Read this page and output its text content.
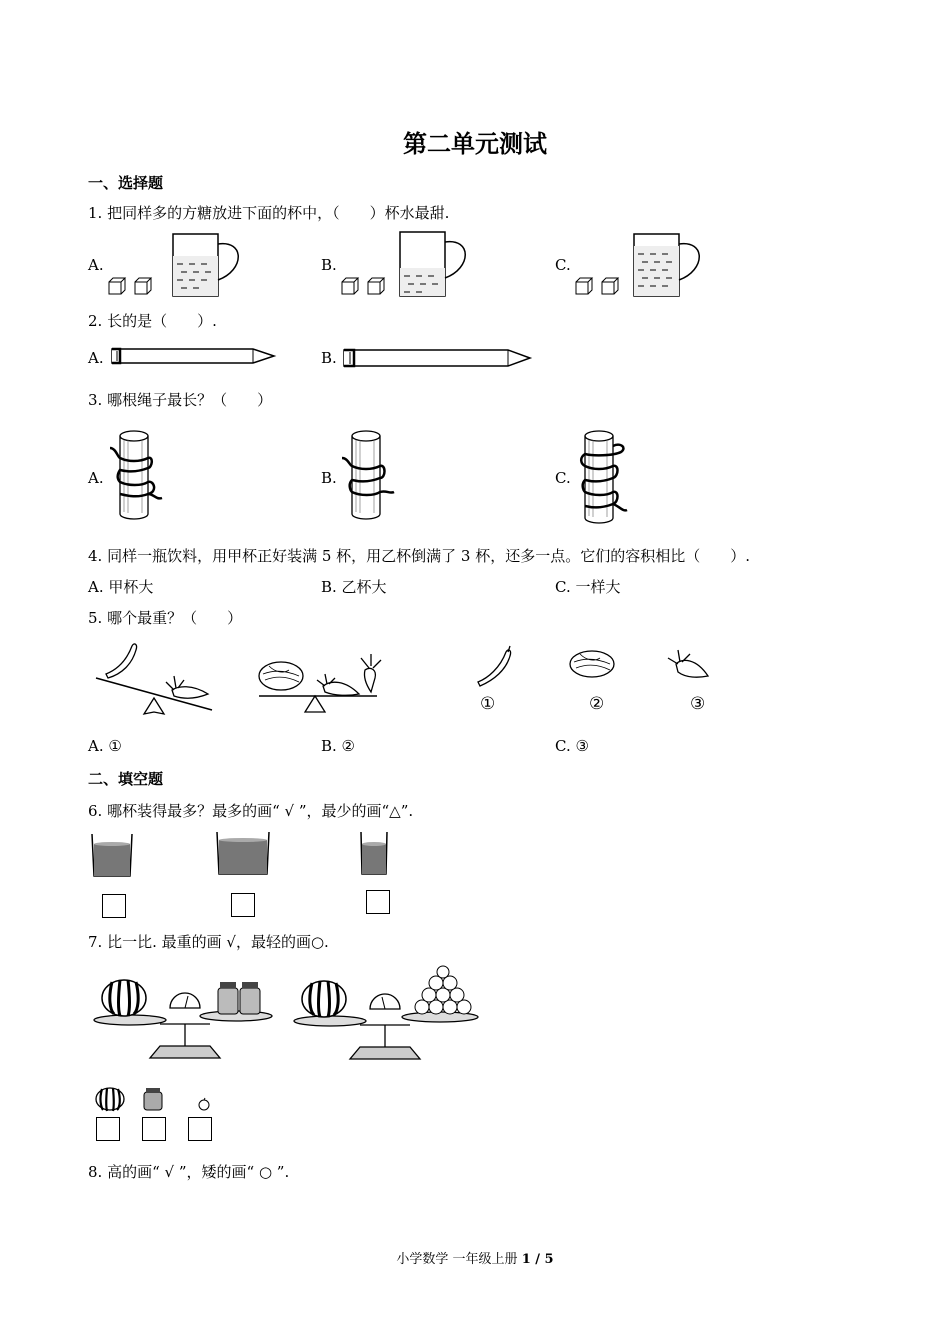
第二单元测试
一、选择题
1. 把同样多的方糖放进下面的杯中，（　　）杯水最甜.
A.	B.	C.
2. 长的是（　　）.
A.	B.
3. 哪根绳子最长？（　　）
A.	B.	C.
4. 同样一瓶饮料，用甲杯正好装满 5 杯，用乙杯倒满了 3 杯，还多一点。它们的容积相比（　　）.
A. 甲杯大	B. 乙杯大	C. 一样大
5. 哪个最重？（　　）
①	②	③
A. ①	B. ②	C. ③
二、填空题
6. 哪杯装得最多？最多的画“ √ ”，最少的画“△”.
7. 比一比. 最重的画 √，最轻的画○.
8. 高的画“ √ ”，矮的画“ ○ ”.
小学数学 一年级上册 1 / 5
